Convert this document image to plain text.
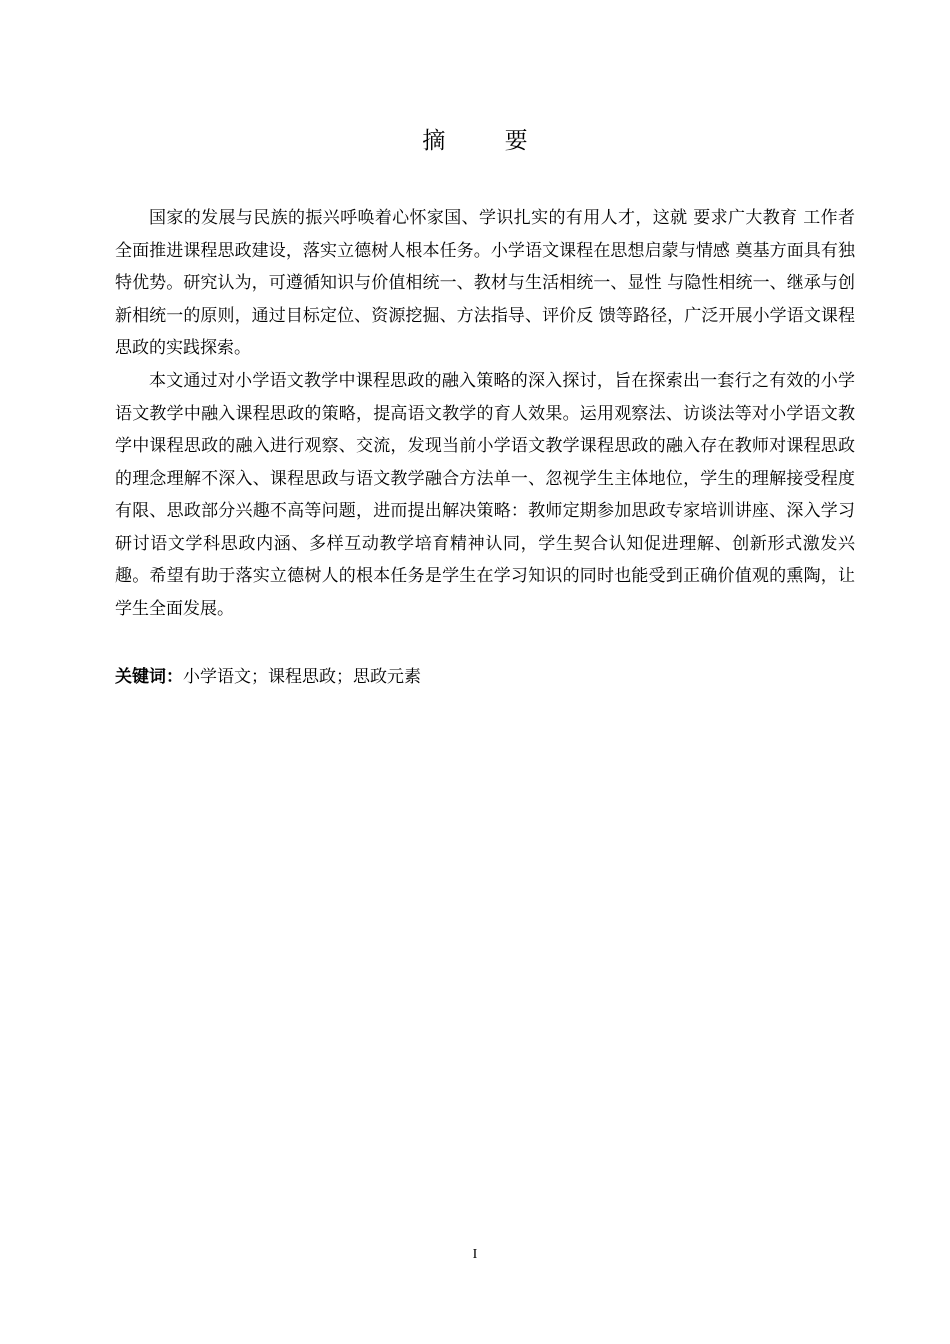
摘 要

国家的发展与民族的振兴呼唤着心怀家国、学识扎实的有用人才，这就 要求广大教育 工作者全面推进课程思政建设，落实立德树人根本任务。小学语文课程在思想启蒙与情感 奠基方面具有独特优势。研究认为，可遵循知识与价值相统一、教材与生活相统一、显性 与隐性相统一、继承与创新相统一的原则，通过目标定位、资源挖掘、方法指导、评价反 馈等路径，广泛开展小学语文课程思政的实践探索。

本文通过对小学语文教学中课程思政的融入策略的深入探讨，旨在探索出一套行之有效的小学语文教学中融入课程思政的策略，提高语文教学的育人效果。运用观察法、访谈法等对小学语文教学中课程思政的融入进行观察、交流，发现当前小学语文教学课程思政的融入存在教师对课程思政的理念理解不深入、课程思政与语文教学融合方法单一、忽视学生主体地位，学生的理解接受程度有限、思政部分兴趣不高等问题，进而提出解决策略：教师定期参加思政专家培训讲座、深入学习研讨语文学科思政内涵、多样互动教学培育精神认同，学生契合认知促进理解、创新形式激发兴趣。希望有助于落实立德树人的根本任务是学生在学习知识的同时也能受到正确价值观的熏陶，让学生全面发展。

关键词：小学语文；课程思政；思政元素
I
